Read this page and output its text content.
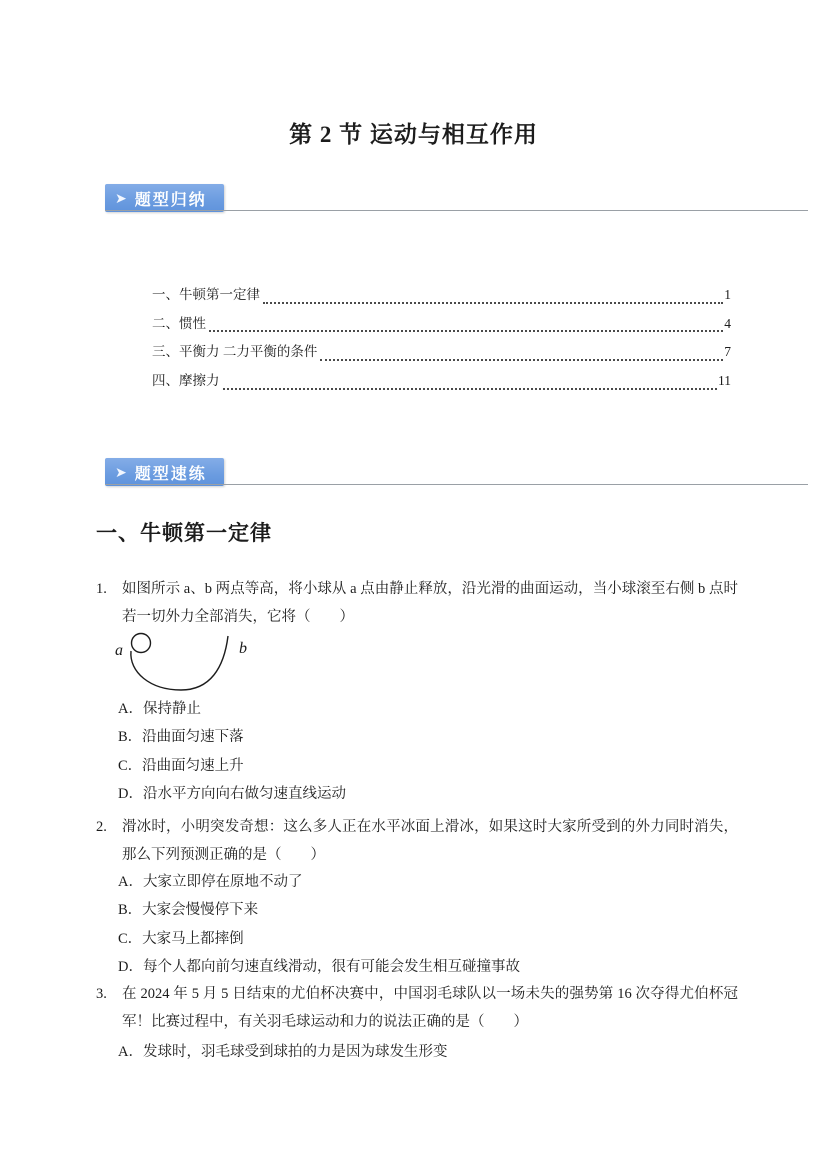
第 2 节 运动与相互作用
➤ 题型归纳
一、牛顿第一定律	1
二、惯性	4
三、平衡力 二力平衡的条件	7
四、摩擦力	11
➤ 题型速练
一、牛顿第一定律
1. 如图所示 a、b 两点等高，将小球从 a 点由静止释放，沿光滑的曲面运动，当小球滚至右侧 b 点时若一切外力全部消失，它将（　　）
a	b
A．保持静止
B．沿曲面匀速下落
C．沿曲面匀速上升
D．沿水平方向向右做匀速直线运动
2. 滑冰时，小明突发奇想：这么多人正在水平冰面上滑冰，如果这时大家所受到的外力同时消失，那么下列预测正确的是（　　）
A．大家立即停在原地不动了
B．大家会慢慢停下来
C．大家马上都摔倒
D．每个人都向前匀速直线滑动，很有可能会发生相互碰撞事故
3. 在 2024 年 5 月 5 日结束的尤伯杯决赛中，中国羽毛球队以一场未失的强势第 16 次夺得尤伯杯冠军！比赛过程中，有关羽毛球运动和力的说法正确的是（　　）
A．发球时，羽毛球受到球拍的力是因为球发生形变
